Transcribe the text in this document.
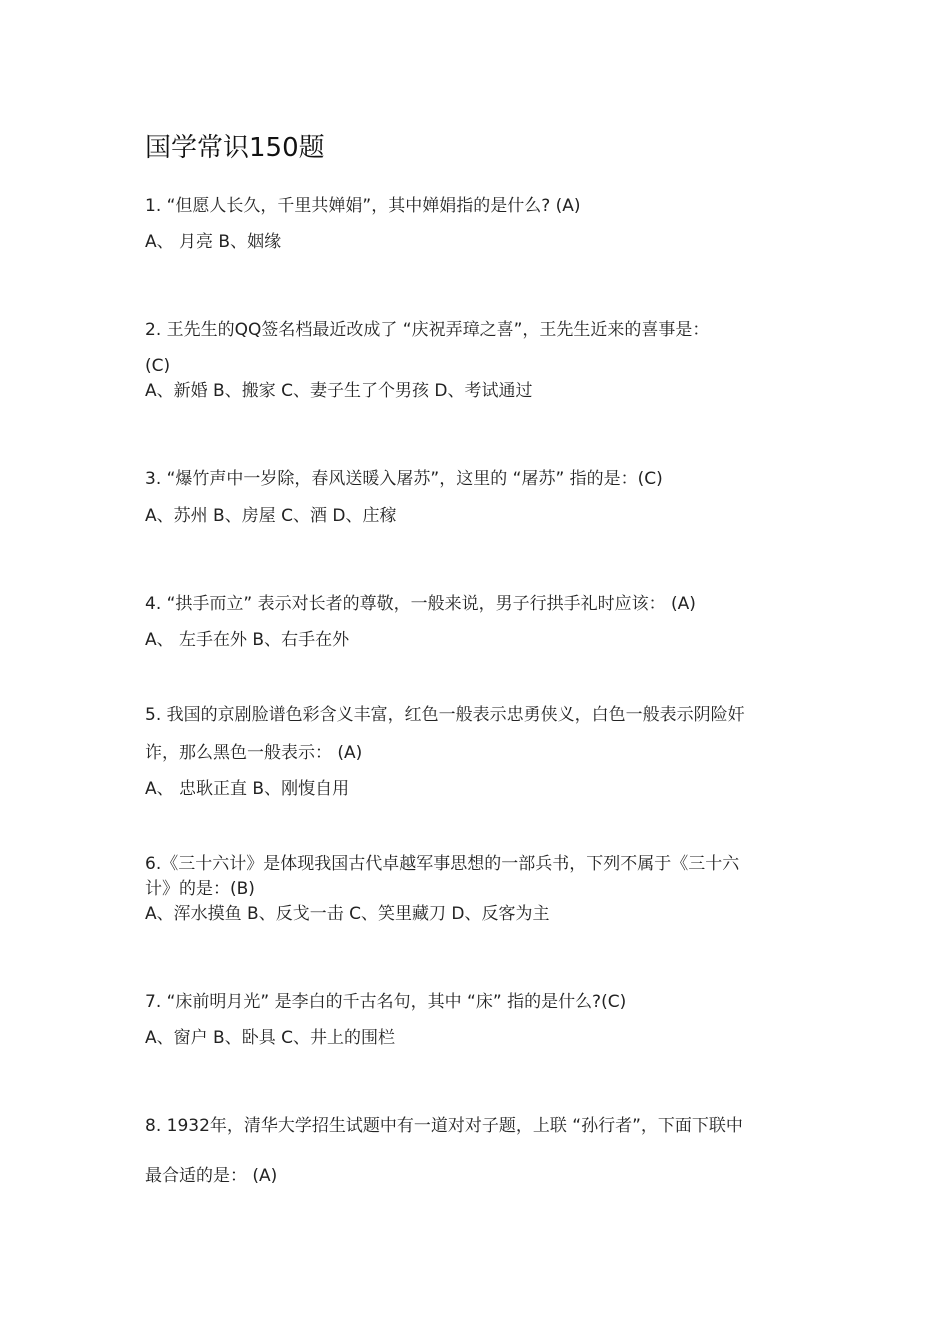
国学常识150题
1. “但愿人长久，千里共婵娟”，其中婵娟指的是什么? (A)
A、 月亮 B、姻缘
2. 王先生的QQ签名档最近改成了 “庆祝弄璋之喜”，王先生近来的喜事是：
(C)
A、新婚 B、搬家 C、妻子生了个男孩 D、考试通过
3. “爆竹声中一岁除，春风送暖入屠苏”，这里的 “屠苏” 指的是：(C)
A、苏州 B、房屋 C、酒 D、庄稼
4. “拱手而立” 表示对长者的尊敬，一般来说，男子行拱手礼时应该： (A)
A、 左手在外 B、右手在外
5. 我国的京剧脸谱色彩含义丰富，红色一般表示忠勇侠义，白色一般表示阴险奸
诈，那么黑色一般表示： (A)
A、 忠耿正直 B、刚愎自用
6.《三十六计》是体现我国古代卓越军事思想的一部兵书，下列不属于《三十六
计》的是：(B)
A、浑水摸鱼 B、反戈一击 C、笑里藏刀 D、反客为主
7. “床前明月光” 是李白的千古名句，其中 “床” 指的是什么?(C)
A、窗户 B、卧具 C、井上的围栏
8. 1932年，清华大学招生试题中有一道对对子题，上联 “孙行者”，下面下联中
最合适的是： (A)
